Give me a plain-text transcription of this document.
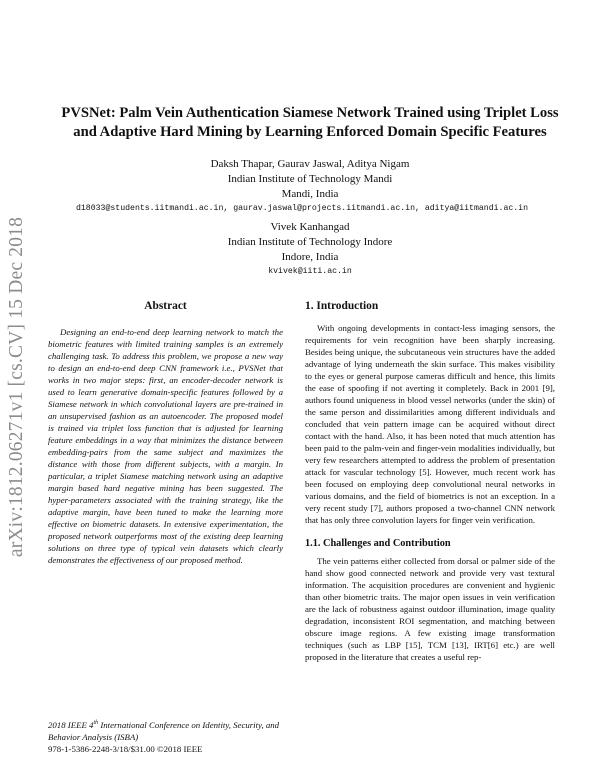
arXiv:1812.06271v1 [cs.CV] 15 Dec 2018
PVSNet: Palm Vein Authentication Siamese Network Trained using Triplet Loss
and Adaptive Hard Mining by Learning Enforced Domain Specific Features
Daksh Thapar, Gaurav Jaswal, Aditya Nigam
Indian Institute of Technology Mandi
Mandi, India
d18033@students.iitmandi.ac.in, gaurav.jaswal@projects.iitmandi.ac.in, aditya@iitmandi.ac.in
Vivek Kanhangad
Indian Institute of Technology Indore
Indore, India
kvivek@iiti.ac.in
Abstract

Designing an end-to-end deep learning network to match the biometric features with limited training samples is an extremely challenging task. To address this problem, we propose a new way to design an end-to-end deep CNN framework i.e., PVSNet that works in two major steps: first, an encoder-decoder network is used to learn generative domain-specific features followed by a Siamese network in which convolutional layers are pre-trained in an unsupervised fashion as an autoencoder. The proposed model is trained via triplet loss function that is adjusted for learning feature embeddings in a way that minimizes the distance between embedding-pairs from the same subject and maximizes the distance with those from different subjects, with a margin. In particular, a triplet Siamese matching network using an adaptive margin based hard negative mining has been suggested. The hyper-parameters associated with the training strategy, like the adaptive margin, have been tuned to make the learning more effective on biometric datasets. In extensive experimentation, the proposed network outperforms most of the existing deep learning solutions on three type of typical vein datasets which clearly demonstrates the effectiveness of our proposed method.

2018 IEEE 4th International Conference on Identity, Security, and Behavior Analysis (ISBA)
978-1-5386-2248-3/18/$31.00 ©2018 IEEE
1. Introduction

With ongoing developments in contact-less imaging sensors, the requirements for vein recognition have been sharply increasing. Besides being unique, the subcutaneous vein structures have the added advantage of lying underneath the skin surface. This makes visibility to the eyes or general purpose cameras difficult and hence, this limits the ease of spoofing if not averting it completely. Back in 2001 [9], authors found uniqueness in blood vessel networks (under the skin) of the same person and dissimilarities among different individuals and concluded that vein pattern image can be acquired without direct contact with the hand. Also, it has been noted that much attention has been paid to the palm-vein and finger-vein modalities individually, but very few researchers attempted to address the problem of presentation attack for vascular technology [5]. However, much recent work has been focused on employing deep convolutional neural networks in various domains, and the field of biometrics is not an exception. In a very recent study [7], authors proposed a two-channel CNN network that has only three convolution layers for finger vein verification.

1.1. Challenges and Contribution

The vein patterns either collected from dorsal or palmer side of the hand show good connected network and provide very vast textural information. The acquisition procedures are convenient and hygienic than other biometric traits. The major open issues in vein verification are the lack of robustness against outdoor illumination, image quality degradation, inconsistent ROI segmentation, and matching between obscure image regions. A few existing image transformation techniques (such as LBP [15], TCM [13], IRT[6] etc.) are well proposed in the literature that creates a useful rep-
